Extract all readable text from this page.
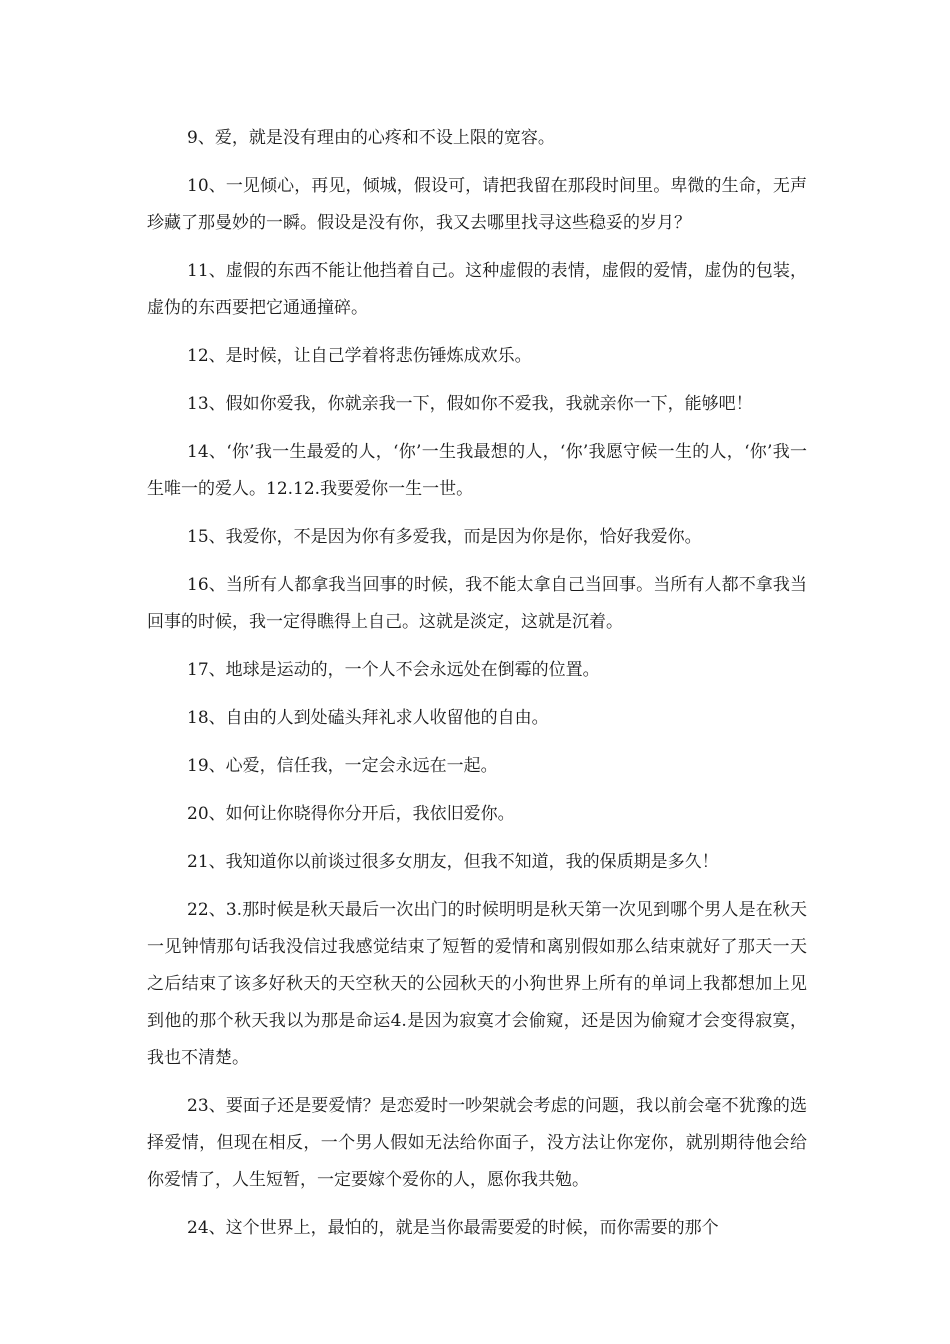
9、爱，就是没有理由的心疼和不设上限的宽容。

10、一见倾心，再见，倾城，假设可，请把我留在那段时间里。卑微的生命，无声珍藏了那曼妙的一瞬。假设是没有你，我又去哪里找寻这些稳妥的岁月？

11、虚假的东西不能让他挡着自己。这种虚假的表情，虚假的爱情，虚伪的包装，虚伪的东西要把它通通撞碎。

12、是时候，让自己学着将悲伤锤炼成欢乐。

13、假如你爱我，你就亲我一下，假如你不爱我，我就亲你一下，能够吧！

14、‘你’我一生最爱的人，‘你’一生我最想的人，‘你’我愿守候一生的人，‘你’我一生唯一的爱人。12.12.我要爱你一生一世。

15、我爱你，不是因为你有多爱我，而是因为你是你，恰好我爱你。

16、当所有人都拿我当回事的时候，我不能太拿自己当回事。当所有人都不拿我当回事的时候，我一定得瞧得上自己。这就是淡定，这就是沉着。

17、地球是运动的，一个人不会永远处在倒霉的位置。

18、自由的人到处磕头拜礼求人收留他的自由。

19、心爱，信任我，一定会永远在一起。

20、如何让你晓得你分开后，我依旧爱你。

21、我知道你以前谈过很多女朋友，但我不知道，我的保质期是多久！

22、3.那时候是秋天最后一次出门的时候明明是秋天第一次见到哪个男人是在秋天一见钟情那句话我没信过我感觉结束了短暂的爱情和离别假如那么结束就好了那天一天之后结束了该多好秋天的天空秋天的公园秋天的小狗世界上所有的单词上我都想加上见到他的那个秋天我以为那是命运4.是因为寂寞才会偷窥，还是因为偷窥才会变得寂寞，我也不清楚。

23、要面子还是要爱情？是恋爱时一吵架就会考虑的问题，我以前会毫不犹豫的选择爱情，但现在相反，一个男人假如无法给你面子，没方法让你宠你，就别期待他会给你爱情了，人生短暂，一定要嫁个爱你的人，愿你我共勉。

24、这个世界上，最怕的，就是当你最需要爱的时候，而你需要的那个
